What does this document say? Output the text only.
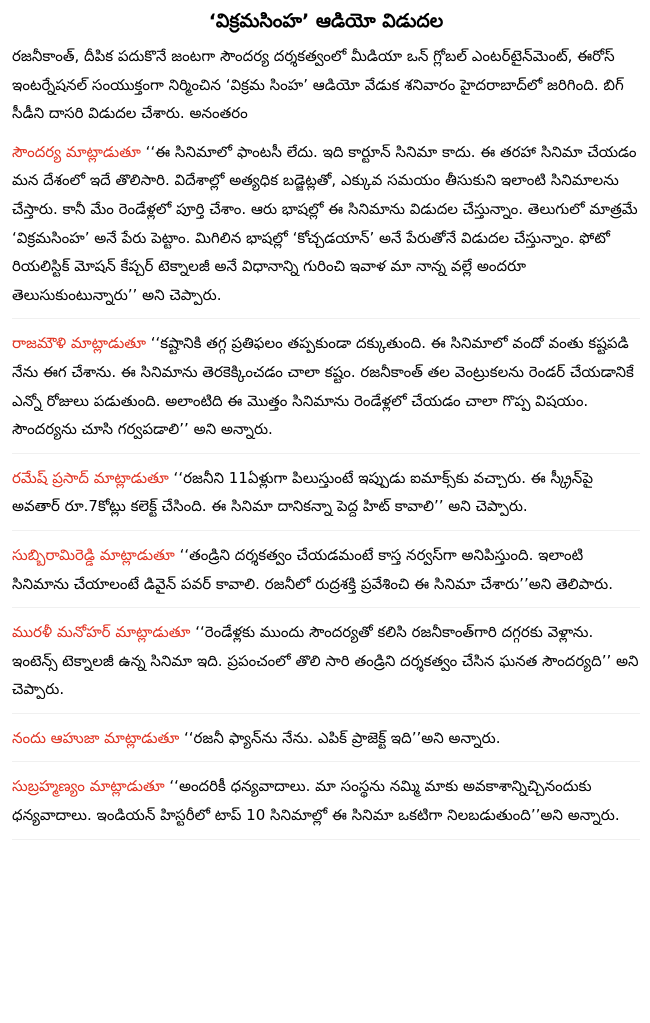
‘విక్రమసింహ’ ఆడియో విడుదల

రజనీకాంత్, దీపిక పదుకొనే జంటగా సౌందర్య దర్శకత్వంలో మీడియా ఒన్ గ్లోబల్ ఎంటర్‌టైన్‌మెంట్, ఈరోస్ ఇంటర్నేషనల్ సంయుక్తంగా నిర్మించిన ‘విక్రమ సింహ’ ఆడియో వేడుక శనివారం హైదరాబాద్‌లో జరిగింది. బిగ్ సీడీని దాసరి విడుదల చేశారు. అనంతరం

సౌందర్య మాట్లాడుతూ ‘‘ఈ సినిమాలో ఫాంటసీ లేదు. ఇది కార్టూన్ సినిమా కాదు. ఈ తరహా సినిమా చేయడం మన దేశంలో ఇదే తొలిసారి. విదేశాల్లో అత్యధిక బడ్జెట్లతో, ఎక్కువ సమయం తీసుకుని ఇలాంటి సినిమాలను చేస్తారు. కానీ మేం రెండేళ్లలో పూర్తి చేశాం. ఆరు భాషల్లో ఈ సినిమాను విడుదల చేస్తున్నాం. తెలుగులో మాత్రమే ‘విక్రమసింహ’ అనే పేరు పెట్టాం. మిగిలిన భాషల్లో ‘కోచ్చడయాన్’ అనే పేరుతోనే విడుదల చేస్తున్నాం. ఫోటో రియలిస్టిక్ మోషన్ కేప్చర్ టెక్నాలజీ అనే విధానాన్ని గురించి ఇవాళ మా నాన్న వల్లే అందరూ తెలుసుకుంటున్నారు’’ అని చెప్పారు.

రాజమౌళి మాట్లాడుతూ ‘‘కష్టానికి తగ్గ ప్రతిఫలం తప్పకుండా దక్కుతుంది. ఈ సినిమాలో వందో వంతు కష్టపడి నేను ఈగ చేశాను. ఈ సినిమాను తెరకెక్కించడం చాలా కష్టం. రజనీకాంత్ తల వెంట్రుకలను రెండర్ చేయడానికే ఎన్నో రోజులు పడుతుంది. అలాంటిది ఈ మొత్తం సినిమాను రెండేళ్లలో చేయడం చాలా గొప్ప విషయం. సౌందర్యను చూసి గర్వపడాలి’’ అని అన్నారు.

రమేష్ ప్రసాద్ మాట్లాడుతూ ‘‘రజనీని 11ఏళ్లుగా పిలుస్తుంటే ఇప్పుడు ఐమాక్స్‌కు వచ్చారు. ఈ స్క్రీన్‌పై అవతార్ రూ.7కోట్లు కలెక్ట్ చేసింది. ఈ సినిమా దానికన్నా పెద్ద హిట్ కావాలి’’ అని చెప్పారు.

సుబ్బిరామిరెడ్డి మాట్లాడుతూ ‘‘తండ్రిని దర్శకత్వం చేయడమంటే కాస్త నర్వస్‌గా అనిపిస్తుంది. ఇలాంటి సినిమాను చేయాలంటే డివైన్ పవర్ కావాలి. రజనీలో రుద్రశక్తి ప్రవేశించి ఈ సినిమా చేశారు’’అని తెలిపారు.

మురళీ మనోహర్ మాట్లాడుతూ ‘‘రెండేళ్లకు ముందు సౌందర్యతో కలిసి రజనీకాంత్‌గారి దగ్గరకు వెళ్లాను. ఇంటెన్స్ టెక్నాలజీ ఉన్న సినిమా ఇది. ప్రపంచంలో తొలి సారి తండ్రిని దర్శకత్వం చేసిన ఘనత సౌందర్యది’’ అని చెప్పారు.

నందు ఆహుజా మాట్లాడుతూ ‘‘రజనీ ఫ్యాన్‌ను నేను. ఎపిక్ ప్రాజెక్ట్ ఇది’’అని అన్నారు.

సుబ్రహ్మణ్యం మాట్లాడుతూ ‘‘అందరికీ ధన్యవాదాలు. మా సంస్థను నమ్మి మాకు అవకాశాన్నిచ్చినందుకు ధన్యవాదాలు. ఇండియన్ హిస్టరీలో టాప్ 10 సినిమాల్లో ఈ సినిమా ఒకటిగా నిలబడుతుంది’’అని అన్నారు.
